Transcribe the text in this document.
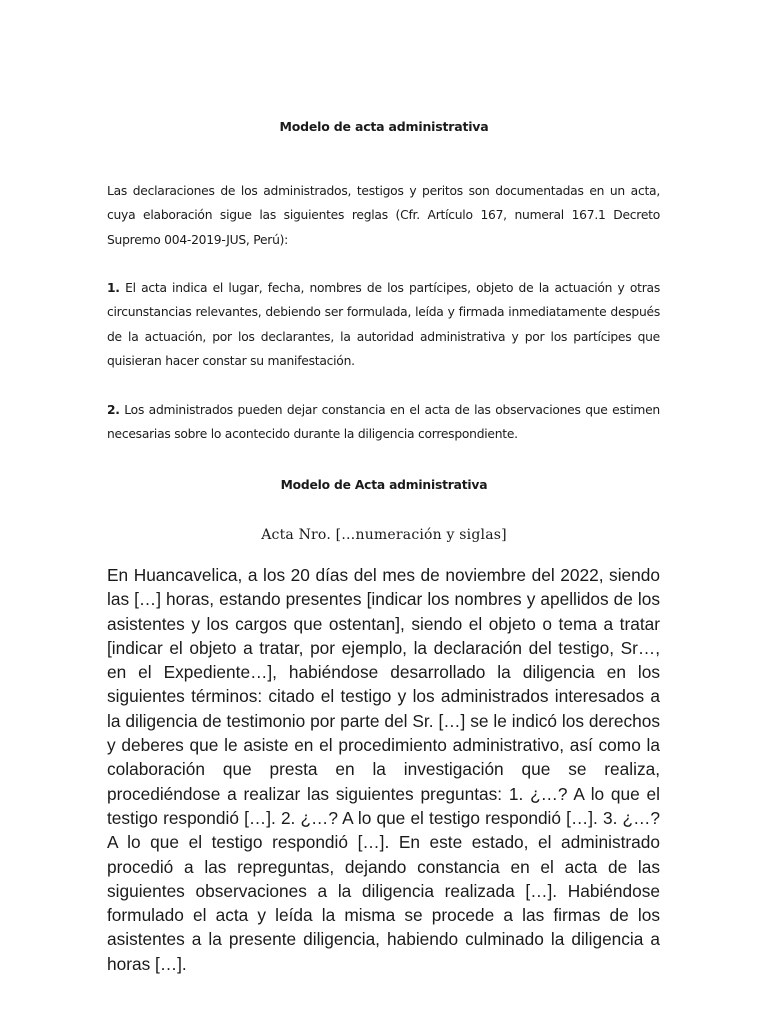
Modelo de acta administrativa

Las declaraciones de los administrados, testigos y peritos son documentadas en un acta, cuya elaboración sigue las siguientes reglas (Cfr. Artículo 167, numeral 167.1 Decreto Supremo 004-2019-JUS, Perú):

1. El acta indica el lugar, fecha, nombres de los partícipes, objeto de la actuación y otras circunstancias relevantes, debiendo ser formulada, leída y firmada inmediatamente después de la actuación, por los declarantes, la autoridad administrativa y por los partícipes que quisieran hacer constar su manifestación.

2. Los administrados pueden dejar constancia en el acta de las observaciones que estimen necesarias sobre lo acontecido durante la diligencia correspondiente.

Modelo de Acta administrativa
Acta Nro. […numeración y siglas]

En Huancavelica, a los 20 días del mes de noviembre del 2022, siendo las […] horas, estando presentes [indicar los nombres y apellidos de los asistentes y los cargos que ostentan], siendo el objeto o tema a tratar [indicar el objeto a tratar, por ejemplo, la declaración del testigo, Sr…, en el Expediente…], habiéndose desarrollado la diligencia en los siguientes términos: citado el testigo y los administrados interesados a la diligencia de testimonio por parte del Sr. […] se le indicó los derechos y deberes que le asiste en el procedimiento administrativo, así como la colaboración que presta en la investigación que se realiza, procediéndose a realizar las siguientes preguntas: 1. ¿…? A lo que el testigo respondió […]. 2. ¿…? A lo que el testigo respondió […]. 3. ¿…? A lo que el testigo respondió […]. En este estado, el administrado procedió a las repreguntas, dejando constancia en el acta de las siguientes observaciones a la diligencia realizada […]. Habiéndose formulado el acta y leída la misma se procede a las firmas de los asistentes a la presente diligencia, habiendo culminado la diligencia a horas […].
